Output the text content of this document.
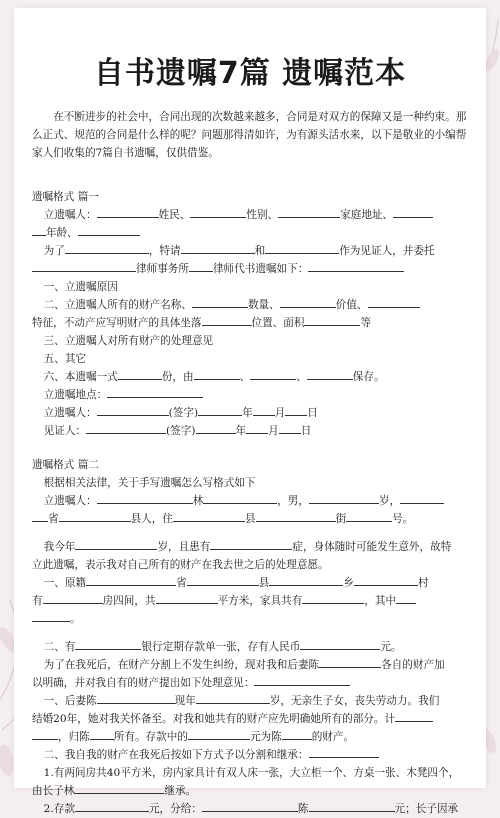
自书遗嘱7篇 遗嘱范本

在不断进步的社会中，合同出现的次数越来越多，合同是对双方的保障又是一种约束。那么正式、规范的合同是什么样的呢？问题那得清如许，为有源头活水来，以下是敬业的小编帮家人们收集的7篇自书遗嘱，仅供借鉴。

遗嘱格式 篇一

立遗嘱人：	姓民、	性别、	家庭地址、

年龄、

为了	，特请	和	作为见证人，并委托

律师事务所 律师代书遗嘱如下：

一、立遗嘱原因

二、立遗嘱人所有的财产名称、	数量、	价值、

特征，不动产应写明财产的具体坐落	位置、面积	等

三、立遗嘱人对所有财产的处理意见

五、其它

六、本遗嘱一式	份，由	、	、	保存。

立遗嘱地点：

立遗嘱人：	(签字)	年 月 日

见证人：	(签字)	年 月 日

遗嘱格式 篇二

根据相关法律，关于手写遗嘱怎么写格式如下

立遗嘱人：	林	，男，	岁，

省	县人，住	县	街	号。

我今年	岁，且患有	症，身体随时可能发生意外，故特

立此遗嘱，表示我对自己所有的财产在我去世之后的处理意愿。

一、原籍	省	县	乡	村

有	房四间，共	平方米，家具共有	，其中

。

二、有	银行定期存款单一张，存有人民币	元。

为了在我死后，在财产分割上不发生纠纷，现对我和后妻陈	各自的财产加

以明确，并对我自有的财产提出如下处理意见：

一、后妻陈	现年	岁，无亲生子女，丧失劳动力。我们

结婚20年，她对我关怀备至。对我和她共有的财产应先明确她所有的部分。计

，归陈 所有。存款中的	元为陈	的财产。

二、我自我的财产在我死后按如下方式予以分割和继承：

1.有两间房共40平方米，房内家具计有双人床一张，大立柜一个、方桌一张、木凳四个，

由长子林	继承。

2.存款	元，分给：	陈	元；长子因承
